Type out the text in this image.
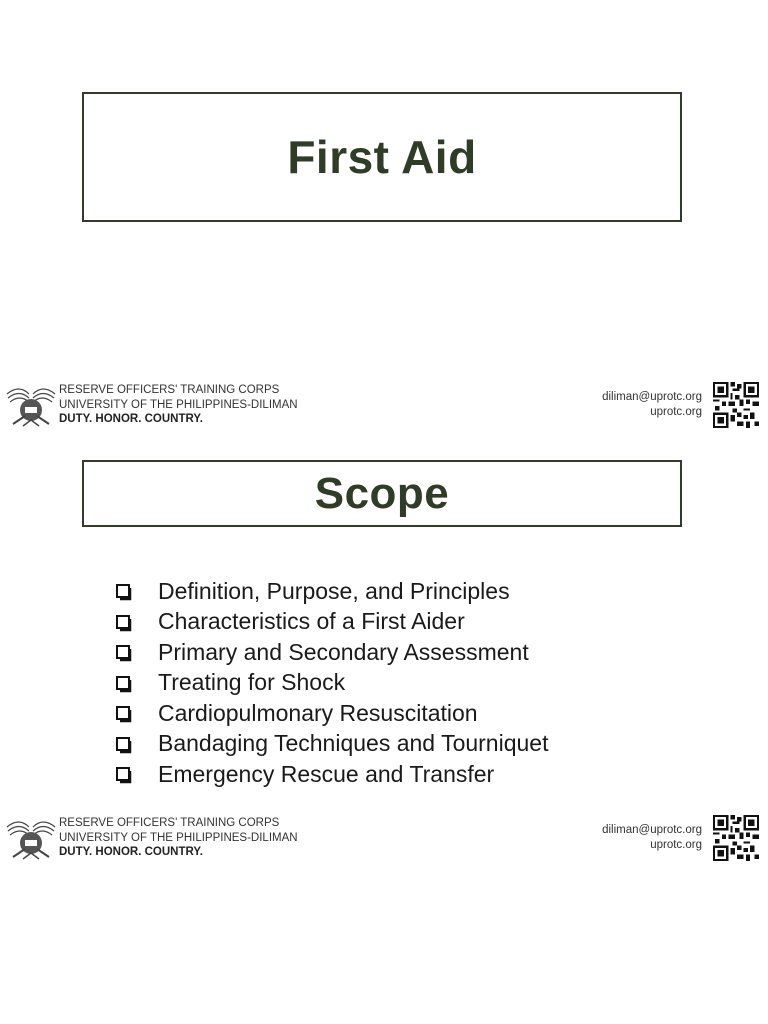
First Aid
RESERVE OFFICERS' TRAINING CORPS
UNIVERSITY OF THE PHILIPPINES-DILIMAN
DUTY. HONOR. COUNTRY.
diliman@uprotc.org
uprotc.org
Scope
Definition, Purpose, and Principles
Characteristics of a First Aider
Primary and Secondary Assessment
Treating for Shock
Cardiopulmonary Resuscitation
Bandaging Techniques and Tourniquet
Emergency Rescue and Transfer
RESERVE OFFICERS' TRAINING CORPS
UNIVERSITY OF THE PHILIPPINES-DILIMAN
DUTY. HONOR. COUNTRY.
diliman@uprotc.org
uprotc.org
